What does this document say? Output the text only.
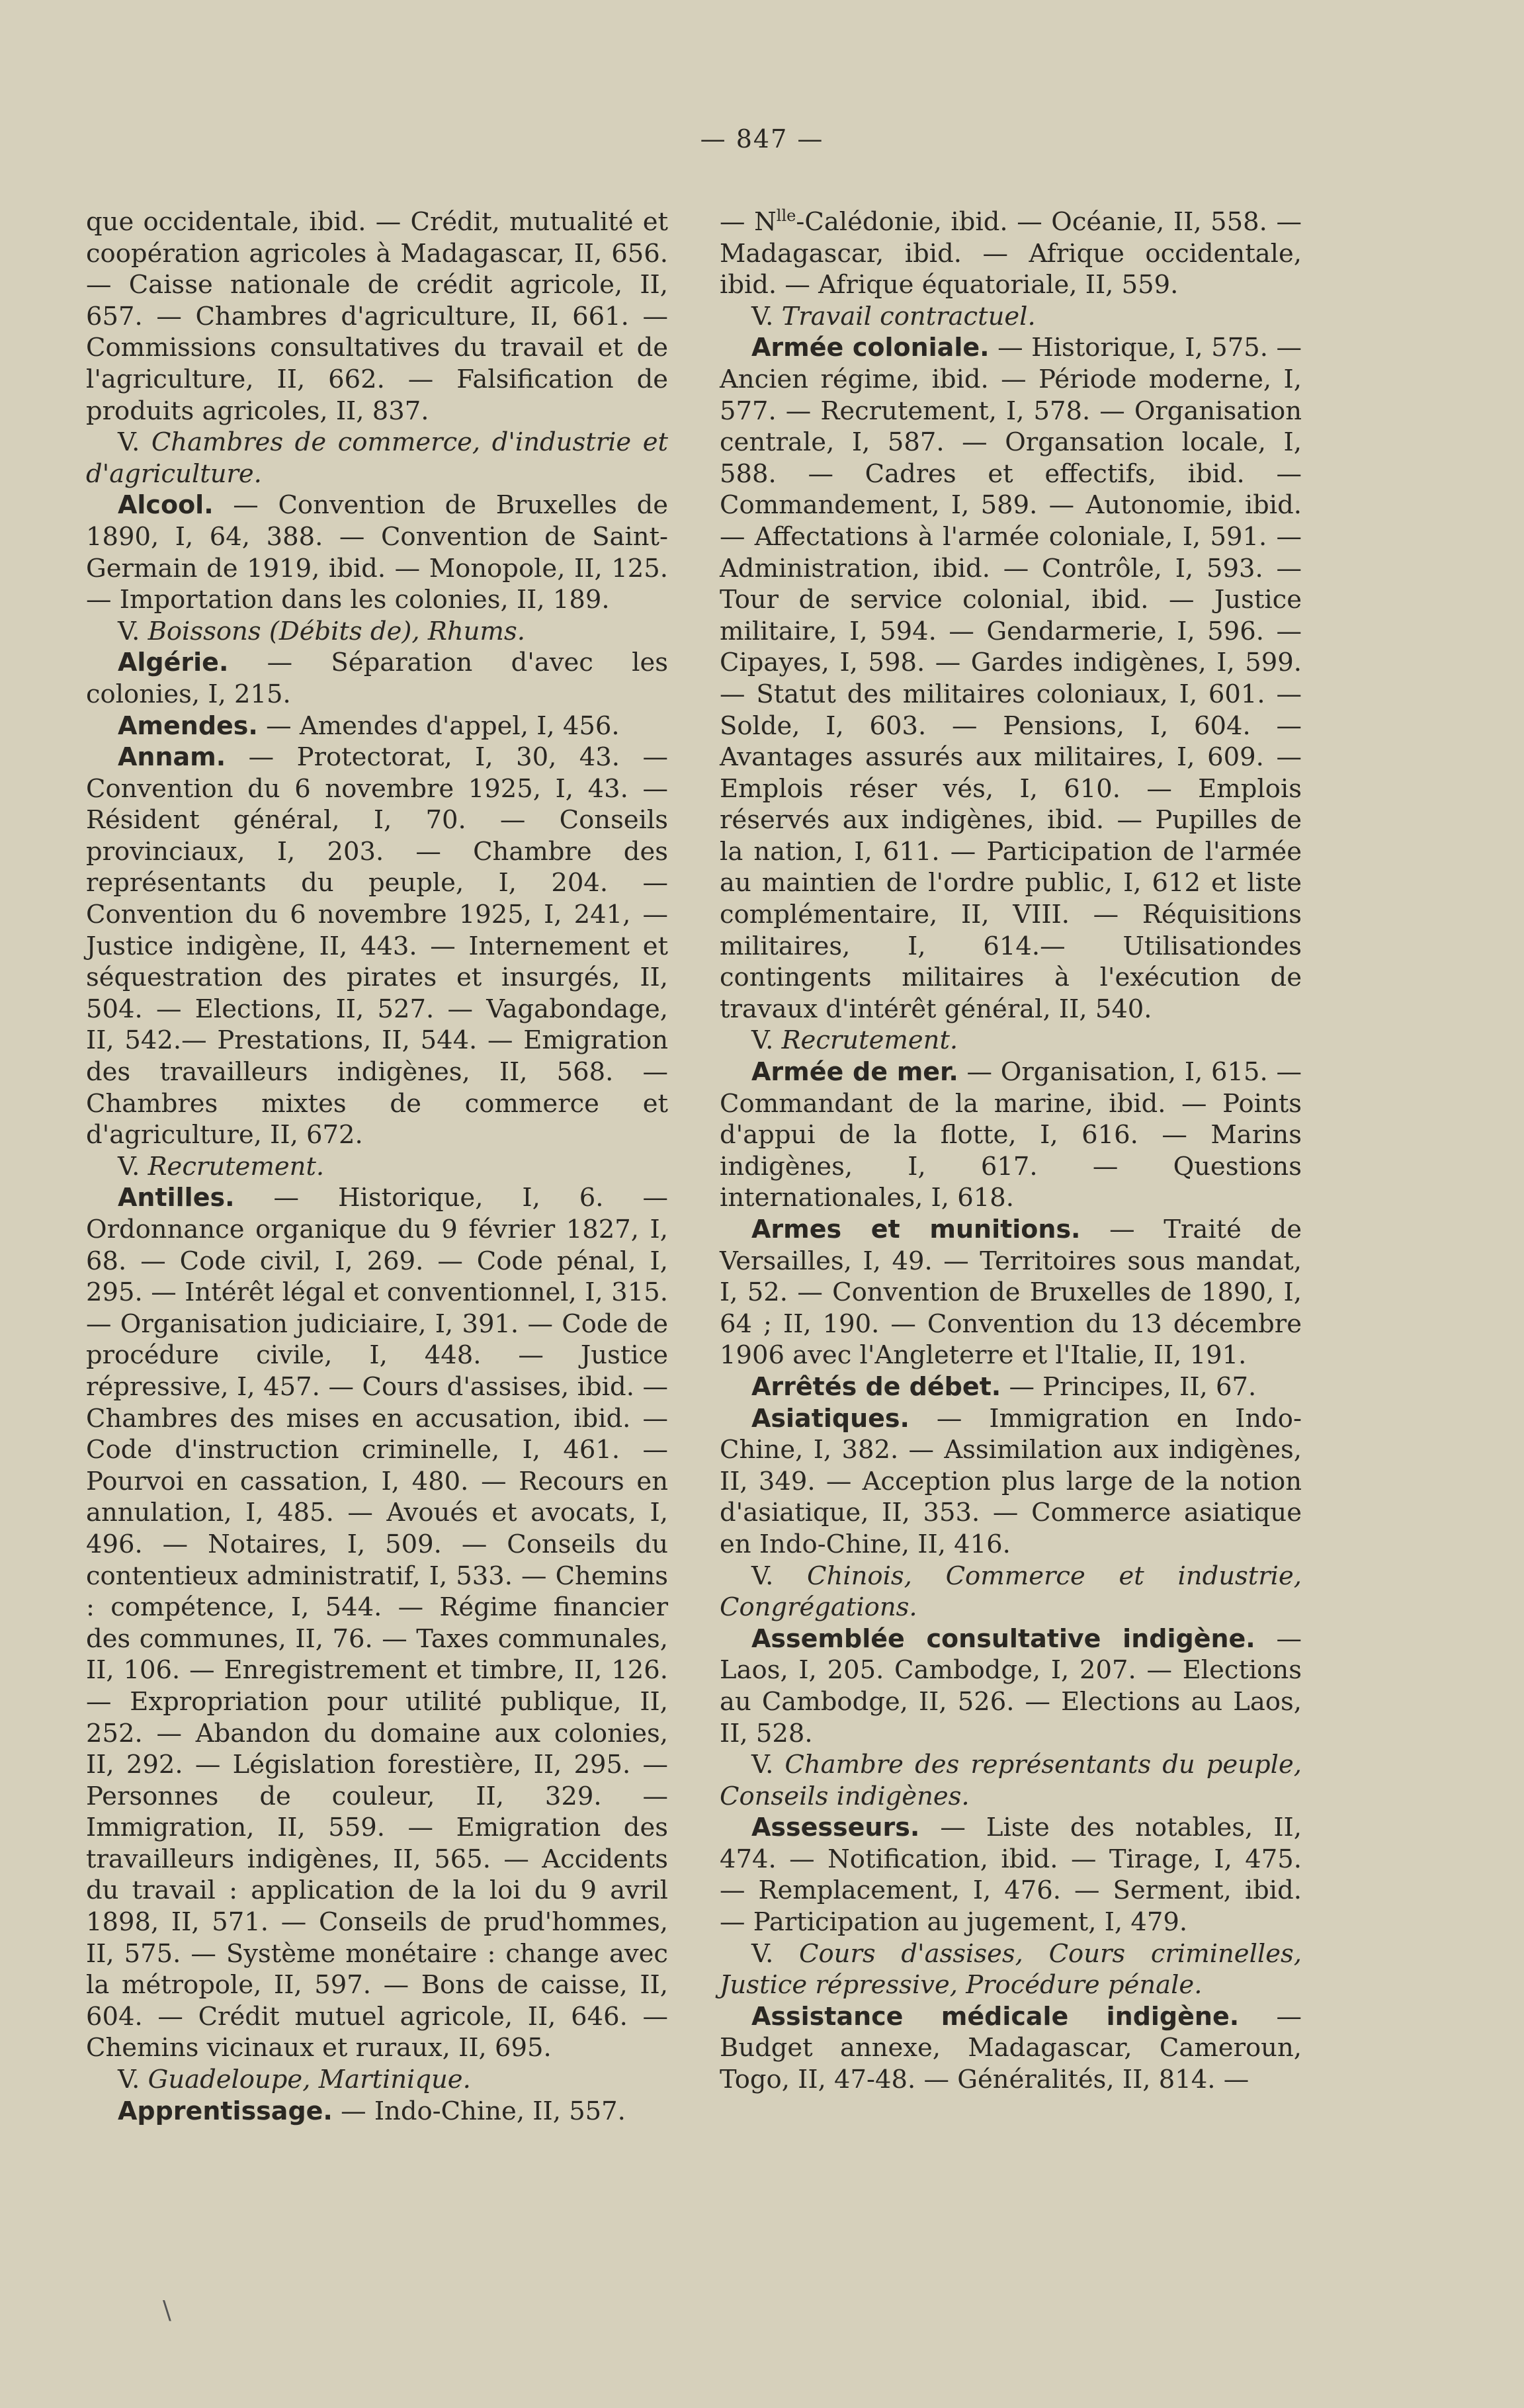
— 847 —

que occidentale, ibid. — Crédit, mutualité et coopération agricoles à Madagascar, II, 656. — Caisse nationale de crédit agricole, II, 657. — Chambres d'agriculture, II, 661. — Commissions consultatives du travail et de l'agriculture, II, 662. — Falsification de produits agricoles, II, 837.

V. Chambres de commerce, d'industrie et d'agriculture.

Alcool. — Convention de Bruxelles de 1890, I, 64, 388. — Convention de Saint-Germain de 1919, ibid. — Monopole, II, 125. — Importation dans les colonies, II, 189.

V. Boissons (Débits de), Rhums.

Algérie. — Séparation d'avec les colonies, I, 215.

Amendes. — Amendes d'appel, I, 456.

Annam. — Protectorat, I, 30, 43. — Convention du 6 novembre 1925, I, 43. — Résident général, I, 70. — Conseils provinciaux, I, 203. — Chambre des représentants du peuple, I, 204. — Convention du 6 novembre 1925, I, 241, — Justice indigène, II, 443. — Internement et séquestration des pirates et insurgés, II, 504. — Elections, II, 527. — Vagabondage, II, 542.— Prestations, II, 544. — Emigration des travailleurs indigènes, II, 568. — Chambres mixtes de commerce et d'agriculture, II, 672.

V. Recrutement.

Antilles. — Historique, I, 6. — Ordonnance organique du 9 février 1827, I, 68. — Code civil, I, 269. — Code pénal, I, 295. — Intérêt légal et conventionnel, I, 315. — Organisation judiciaire, I, 391. — Code de procédure civile, I, 448. — Justice répressive, I, 457. — Cours d'assises, ibid. — Chambres des mises en accusation, ibid. — Code d'instruction criminelle, I, 461. — Pourvoi en cassation, I, 480. — Recours en annulation, I, 485. — Avoués et avocats, I, 496. — Notaires, I, 509. — Conseils du contentieux administratif, I, 533. — Chemins : compétence, I, 544. — Régime financier des communes, II, 76. — Taxes communales, II, 106. — Enregistrement et timbre, II, 126. — Expropriation pour utilité publique, II, 252. — Abandon du domaine aux colonies, II, 292. — Législation forestière, II, 295. — Personnes de couleur, II, 329. — Immigration, II, 559. — Emigration des travailleurs indigènes, II, 565. — Accidents du travail : application de la loi du 9 avril 1898, II, 571. — Conseils de prud'hommes, II, 575. — Système monétaire : change avec la métropole, II, 597. — Bons de caisse, II, 604. — Crédit mutuel agricole, II, 646. — Chemins vicinaux et ruraux, II, 695.

V. Guadeloupe, Martinique.

Apprentissage. — Indo-Chine, II, 557.

— $N^{lle}$-Calédonie, ibid. — Océanie, II, 558. — Madagascar, ibid. — Afrique occidentale, ibid. — Afrique équatoriale, II, 559.

V. Travail contractuel.

Armée coloniale. — Historique, I, 575. — Ancien régime, ibid. — Période moderne, I, 577. — Recrutement, I, 578. — Organisation centrale, I, 587. — Organsation locale, I, 588. — Cadres et effectifs, ibid. — Commandement, I, 589. — Autonomie, ibid. — Affectations à l'armée coloniale, I, 591. — Administration, ibid. — Contrôle, I, 593. — Tour de service colonial, ibid. — Justice militaire, I, 594. — Gendarmerie, I, 596. — Cipayes, I, 598. — Gardes indigènes, I, 599. — Statut des militaires coloniaux, I, 601. — Solde, I, 603. — Pensions, I, 604. — Avantages assurés aux militaires, I, 609. — Emplois réser vés, I, 610. — Emplois réservés aux indigènes, ibid. — Pupilles de la nation, I, 611. — Participation de l'armée au maintien de l'ordre public, I, 612 et liste complémentaire, II, VIII. — Réquisitions militaires, I, 614.— Utilisationdes contingents militaires à l'exécution de travaux d'intérêt général, II, 540.

V. Recrutement.

Armée de mer. — Organisation, I, 615. — Commandant de la marine, ibid. — Points d'appui de la flotte, I, 616. — Marins indigènes, I, 617. — Questions internationales, I, 618.

Armes et munitions. — Traité de Versailles, I, 49. — Territoires sous mandat, I, 52. — Convention de Bruxelles de 1890, I, 64 ; II, 190. — Convention du 13 décembre 1906 avec l'Angleterre et l'Italie, II, 191.

Arrêtés de débet. — Principes, II, 67.

Asiatiques. — Immigration en Indo-Chine, I, 382. — Assimilation aux indigènes, II, 349. — Acception plus large de la notion d'asiatique, II, 353. — Commerce asiatique en Indo-Chine, II, 416.

V. Chinois, Commerce et industrie, Congrégations.

Assemblée consultative indigène. — Laos, I, 205. Cambodge, I, 207. — Elections au Cambodge, II, 526. — Elections au Laos, II, 528.

V. Chambre des représentants du peuple, Conseils indigènes.

Assesseurs. — Liste des notables, II, 474. — Notification, ibid. — Tirage, I, 475. — Remplacement, I, 476. — Serment, ibid. — Participation au jugement, I, 479.

V. Cours d'assises, Cours criminelles, Justice répressive, Procédure pénale.

Assistance médicale indigène. — Budget annexe, Madagascar, Cameroun, Togo, II, 47-48. — Généralités, II, 814. —

\
